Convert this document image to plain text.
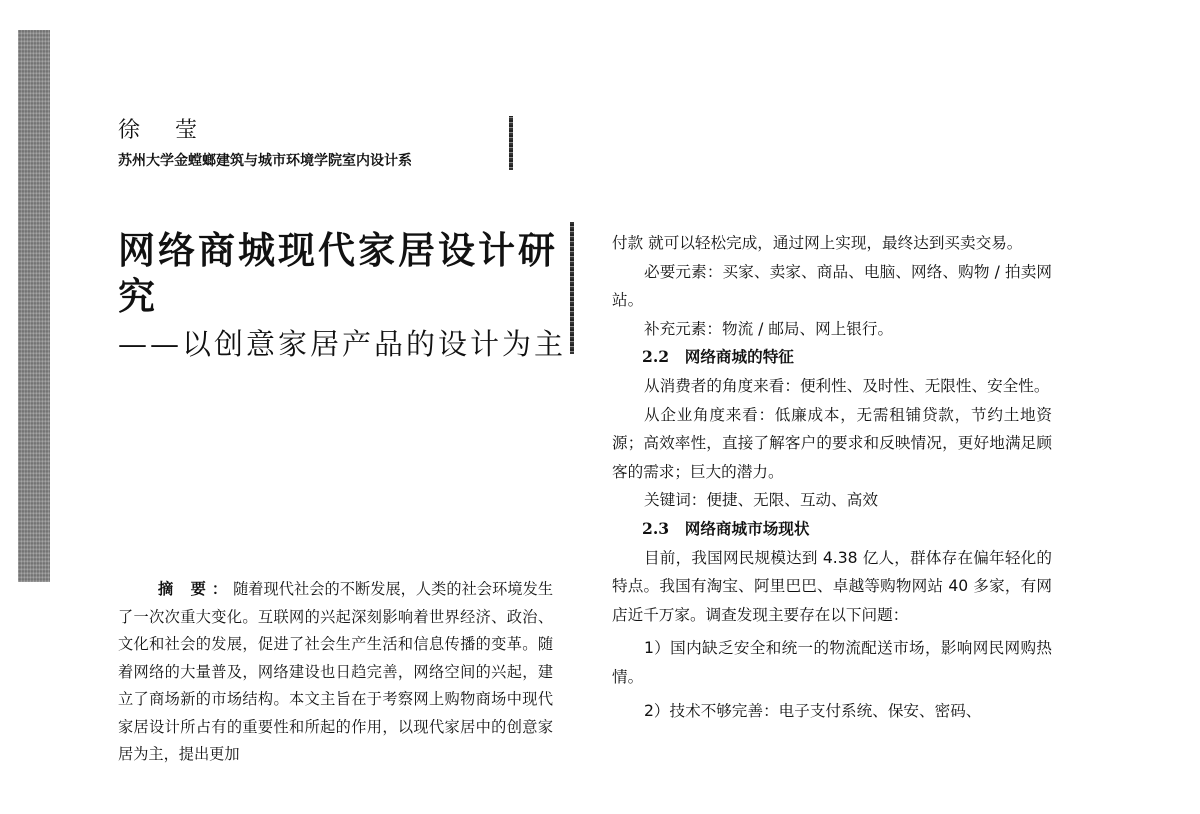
徐 莹
苏州大学金螳螂建筑与城市环境学院室内设计系
网络商城现代家居设计研究
——以创意家居产品的设计为主
摘 要：随着现代社会的不断发展，人类的社会环境发生了一次次重大变化。互联网的兴起深刻影响着世界经济、政治、文化和社会的发展，促进了社会生产生活和信息传播的变革。随着网络的大量普及，网络建设也日趋完善，网络空间的兴起，建立了商场新的市场结构。本文主旨在于考察网上购物商场中现代家居设计所占有的重要性和所起的作用，以现代家居中的创意家居为主，提出更加

付款 就可以轻松完成，通过网上实现，最终达到买卖交易。

必要元素：买家、卖家、商品、电脑、网络、购物 / 拍卖网站。

补充元素：物流 / 邮局、网上银行。

2.2　网络商城的特征

从消费者的角度来看：便利性、及时性、无限性、安全性。

从企业角度来看：低廉成本，无需租铺贷款，节约土地资源；高效率性，直接了解客户的要求和反映情况，更好地满足顾客的需求；巨大的潜力。

关键词：便捷、无限、互动、高效

2.3　网络商城市场现状

目前，我国网民规模达到 4.38 亿人，群体存在偏年轻化的特点。我国有淘宝、阿里巴巴、卓越等购物网站 40 多家，有网店近千万家。调查发现主要存在以下问题：

1）国内缺乏安全和统一的物流配送市场，影响网民网购热情。

2）技术不够完善：电子支付系统、保安、密码、
